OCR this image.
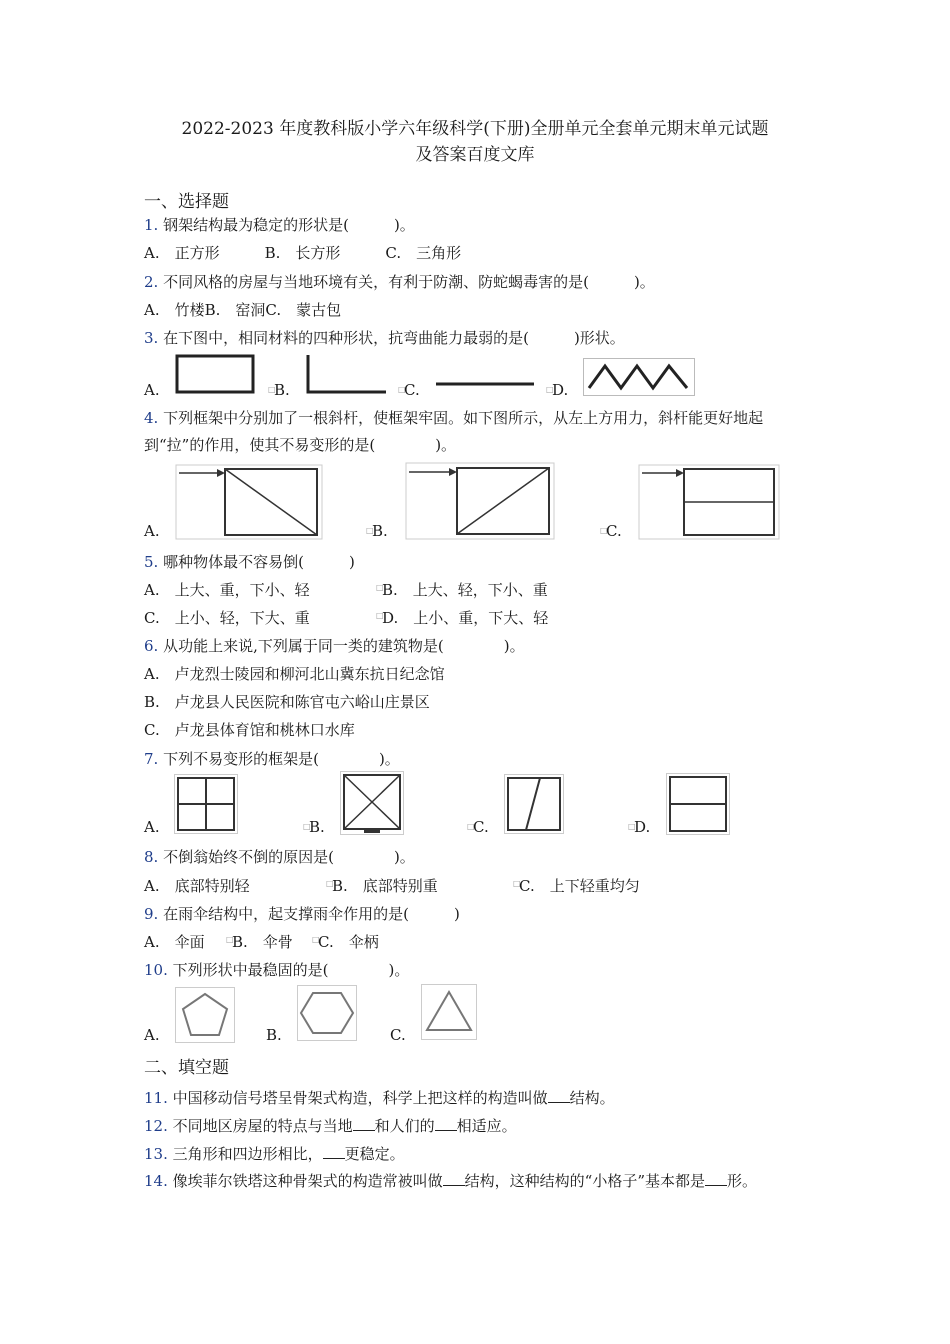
2022-2023 年度教科版小学六年级科学(下册)全册单元全套单元期末单元试题
及答案百度文库
一、选择题
1. 钢架结构最为稳定的形状是(　　　)。
A.　正方形　　　B.　长方形　　　C.　三角形
2. 不同风格的房屋与当地环境有关，有利于防潮、防蛇蝎毒害的是(　　　)。
A.　竹楼B.　窑洞C.　蒙古包
3. 在下图中，相同材料的四种形状，抗弯曲能力最弱的是(　　　)形状。
A.	□
B.	□
C.	□
D.
4. 下列框架中分别加了一根斜杆，使框架牢固。如下图所示，从左上方用力，斜杆能更好地起到“拉”的作用，使其不易变形的是(　　　　)。
A.	□
B.	□
C.
5. 哪种物体最不容易倒(　　　)
A.　上大、重，下小、轻	□
B.　上大、轻，下小、重
C.　上小、轻，下大、重	□
D.　上小、重，下大、轻
6. 从功能上来说,下列属于同一类的建筑物是(　　　　)。
A.　卢龙烈士陵园和柳河北山冀东抗日纪念馆
B.　卢龙县人民医院和陈官屯六峪山庄景区
C.　卢龙县体育馆和桃林口水库
7. 下列不易变形的框架是(　　　　)。
A.	□
B.	□
C.	□
D.
8. 不倒翁始终不倒的原因是(　　　　)。
A.　底部特别轻	□
B.　底部特别重	□
C.　上下轻重均匀
9. 在雨伞结构中，起支撑雨伞作用的是(　　　)
A.　伞面	□
B.　伞骨 □
C.　伞柄
10. 下列形状中最稳固的是(　　　　)。
A.	B.	C.
二、填空题
11. 中国移动信号塔呈骨架式构造，科学上把这样的构造叫做 结构。
12. 不同地区房屋的特点与当地 和人们的 相适应。
13. 三角形和四边形相比， 更稳定。
14. 像埃菲尔铁塔这种骨架式的构造常被叫做 结构，这种结构的“小格子”基本都是 形。
